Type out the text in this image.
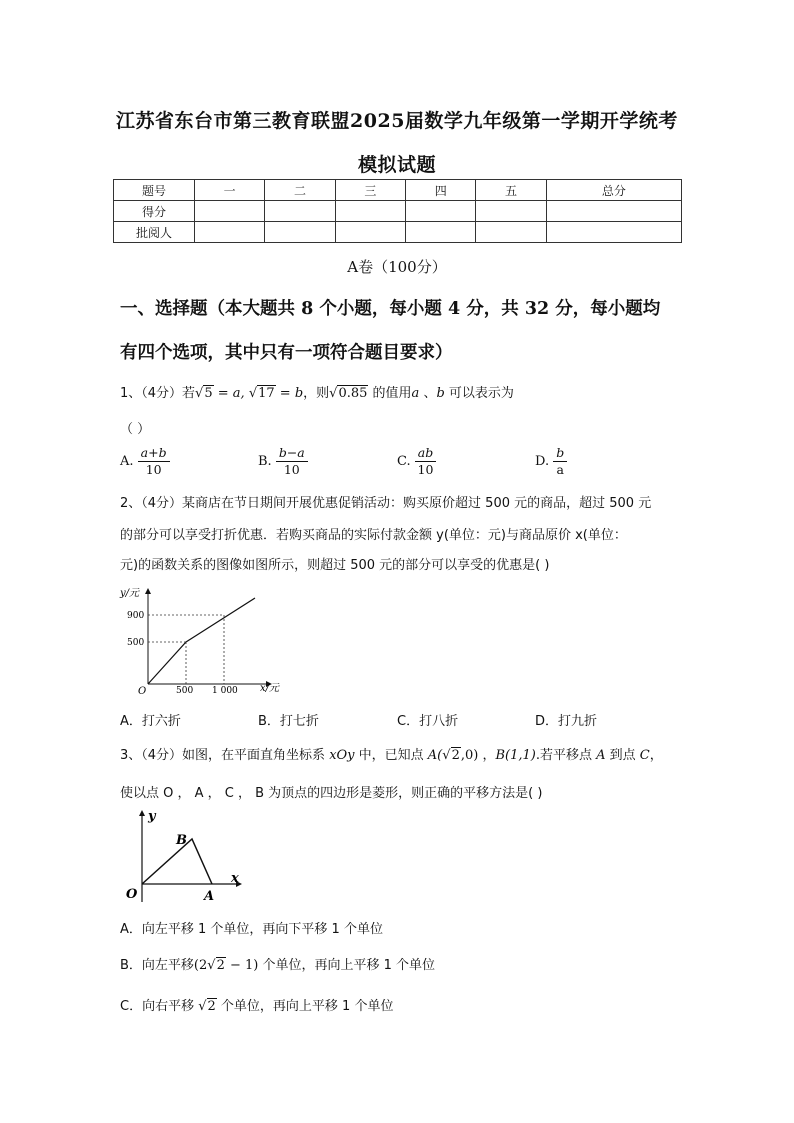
江苏省东台市第三教育联盟2025届数学九年级第一学期开学统考
模拟试题
题号	一	二	三	四	五	总分
得分						
批阅人						
A卷（100分）
一、选择题（本大题共 8 个小题，每小题 4 分，共 32 分，每小题均
有四个选项，其中只有一项符合题目要求）
1、（4分）若√5 = a, √17 = b，则√0.85 的值用a 、b 可以表示为
（ ）
A. $\frac{a+b}{10}$	B. $\frac{b-a}{10}$	C. $\frac{ab}{10}$	D. $\frac{b}{a}$
2、（4分）某商店在节日期间开展优惠促销活动：购买原价超过 500 元的商品，超过 500 元
的部分可以享受打折优惠．若购买商品的实际付款金额 y(单位：元)与商品原价 x(单位：
元)的函数关系的图像如图所示，则超过 500 元的部分可以享受的优惠是( )
y/元
x/元
O
900
500
500 1 000
A．打六折	B．打七折	C．打八折	D．打九折
3、（4分）如图，在平面直角坐标系 xOy 中，已知点 A(√2,0) ，B(1,1).若平移点 A 到点 C，
使以点 O ， A ， C ， B 为顶点的四边形是菱形，则正确的平移方法是( )
y
x
O	A
B
A．向左平移 1 个单位，再向下平移 1 个单位
B．向左平移(2√2 − 1) 个单位，再向上平移 1 个单位
C．向右平移 √2 个单位，再向上平移 1 个单位
